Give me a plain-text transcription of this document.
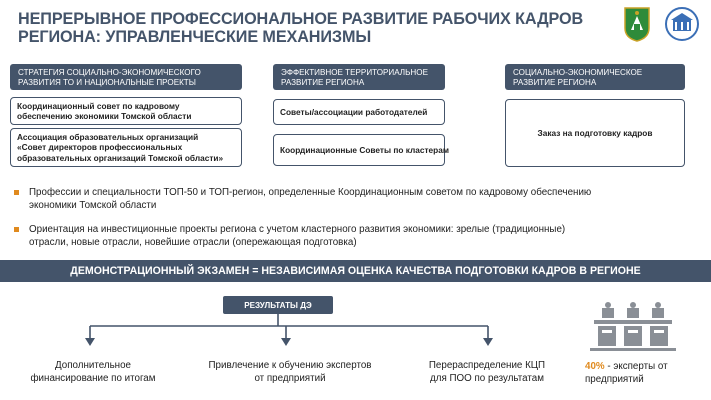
НЕПРЕРЫВНОЕ ПРОФЕССИОНАЛЬНОЕ РАЗВИТИЕ РАБОЧИХ КАДРОВ
РЕГИОНА: УПРАВЛЕНЧЕСКИЕ МЕХАНИЗМЫ
СТРАТЕГИЯ СОЦИАЛЬНО-ЭКОНОМИЧЕСКОГО
РАЗВИТИЯ ТО И НАЦИОНАЛЬНЫЕ ПРОЕКТЫ
ЭФФЕКТИВНОЕ ТЕРРИТОРИАЛЬНОЕ
РАЗВИТИЕ РЕГИОНА
СОЦИАЛЬНО-ЭКОНОМИЧЕСКОЕ
РАЗВИТИЕ РЕГИОНА
Координационный совет по кадровому
обеспечению экономики Томской области
Ассоциация образовательных организаций
«Совет директоров профессиональных
образовательных организаций Томской области»
Советы/ассоциации работодателей
Координационные Советы по кластерам
Заказ на подготовку кадров
Профессии и специальности ТОП-50 и ТОП-регион, определенные Координационным советом по кадровому обеспечению
экономики Томской области
Ориентация на инвестиционные проекты региона с учетом кластерного развития экономики: зрелые (традиционные)
отрасли, новые отрасли, новейшие отрасли (опережающая подготовка)
ДЕМОНСТРАЦИОННЫЙ ЭКЗАМЕН = НЕЗАВИСИМАЯ ОЦЕНКА КАЧЕСТВА ПОДГОТОВКИ КАДРОВ В РЕГИОНЕ
РЕЗУЛЬТАТЫ ДЭ
Дополнительное
финансирование по итогам
Привлечение к обучению экспертов
от предприятий
Перераспределение КЦП
для ПОО по результатам
40% - эксперты от
предприятий
